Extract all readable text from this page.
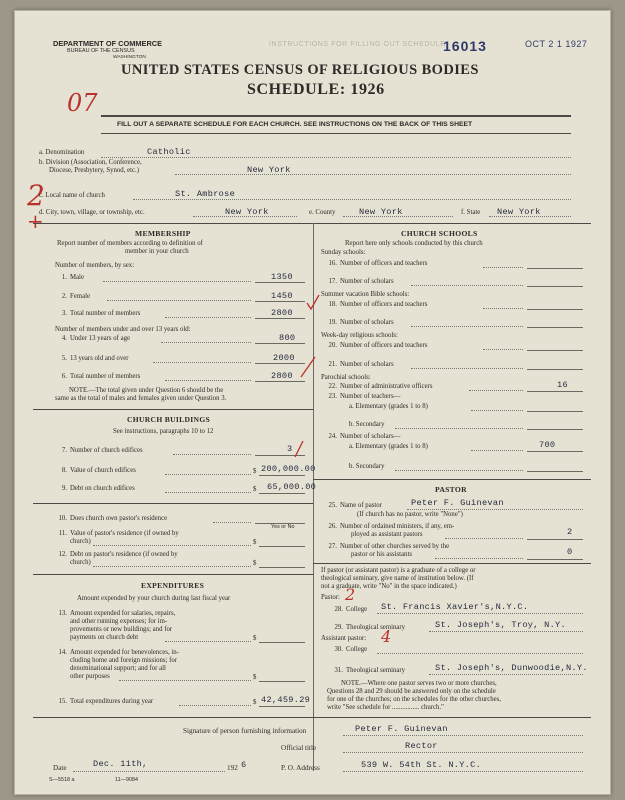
DEPARTMENT OF COMMERCE
BUREAU OF THE CENSUS
WASHINGTON
INSTRUCTIONS FOR FILLING OUT SCHEDULE
16013	OCT 2 1 1927
UNITED STATES CENSUS OF RELIGIOUS BODIES
SCHEDULE: 1926
07
FILL OUT A SEPARATE SCHEDULE FOR EACH CHURCH. SEE INSTRUCTIONS ON THE BACK OF THIS SHEET
a. Denomination	Catholic
b. Division (Association, Conference,
Diocese, Presbytery, Synod, etc.)	New York
2
+
c. Local name of church	St. Ambrose
d. City, town, village, or township, etc.	New York	e. County	New York	f. State New York
MEMBERSHIP
Report number of members according to definition of
member in your church
Number of members, by sex:
1. Male	1350
2. Female	1450
3. Total number of members	2800
Number of members under and over 13 years old:
4. Under 13 years of age	800
5. 13 years old and over	2000
6. Total number of members	2800
NOTE.—The total given under Question 6 should be the
same as the total of males and females given under Question 3.
CHURCH BUILDINGS
See instructions, paragraphs 10 to 12
7. Number of church edifices	3
8. Value of church edifices	$ 200,000.00
9. Debt on church edifices	$ 65,000.00
10. Does church own pastor's residence
Yes or No
11. Value of pastor's residence (if owned by
church)	$
12. Debt on pastor's residence (if owned by
church)	$
EXPENDITURES
Amount expended by your church during last fiscal year
13. Amount expended for salaries, repairs,
and other running expenses; for im-
provements or new buildings; and for
payments on church debt	$
14. Amount expended for benevolences, in-
cluding home and foreign missions; for
denominational support; and for all
other purposes	$
15. Total expenditures during year	$ 42,459.29
CHURCH SCHOOLS
Report here only schools conducted by this church
Sunday schools:
16. Number of officers and teachers
17. Number of scholars
Summer vacation Bible schools:
18. Number of officers and teachers
19. Number of scholars
Week-day religious schools:
20. Number of officers and teachers
21. Number of scholars
Parochial schools:
22. Number of administrative officers	16
23. Number of teachers—
a. Elementary (grades 1 to 8)
b. Secondary
24. Number of scholars—
a. Elementary (grades 1 to 8)	700
b. Secondary
PASTOR
25. Name of pastor	Peter F. Guinevan
(If church has no pastor, write "None")
26. Number of ordained ministers, if any, em-
ployed as assistant pastors	2
27. Number of other churches served by the
pastor or his assistants	0
If pastor (or assistant pastor) is a graduate of a college or
theological seminary, give name of institution below. (If
not a graduate, write "No" in the space indicated.)
Pastor: 2
28. College St. Francis Xavier's,N.Y.C.
29. Theological seminary	St. Joseph's, Troy, N.Y.
Assistant pastor: 4
30. College
31. Theological seminary	St. Joseph's, Dunwoodie,N.Y.
NOTE.—Where one pastor serves two or more churches,
Questions 28 and 29 should be answered only on the schedule
for one of the churches; on the schedules for the other churches,
write "See schedule for ................ church."
Signature of person furnishing information	Peter F. Guinevan
Official title	Rector
Date	Dec. 11th,	192 6	P. O. Address	539 W. 54th St. N.Y.C.
S—5518 a	11—9084
